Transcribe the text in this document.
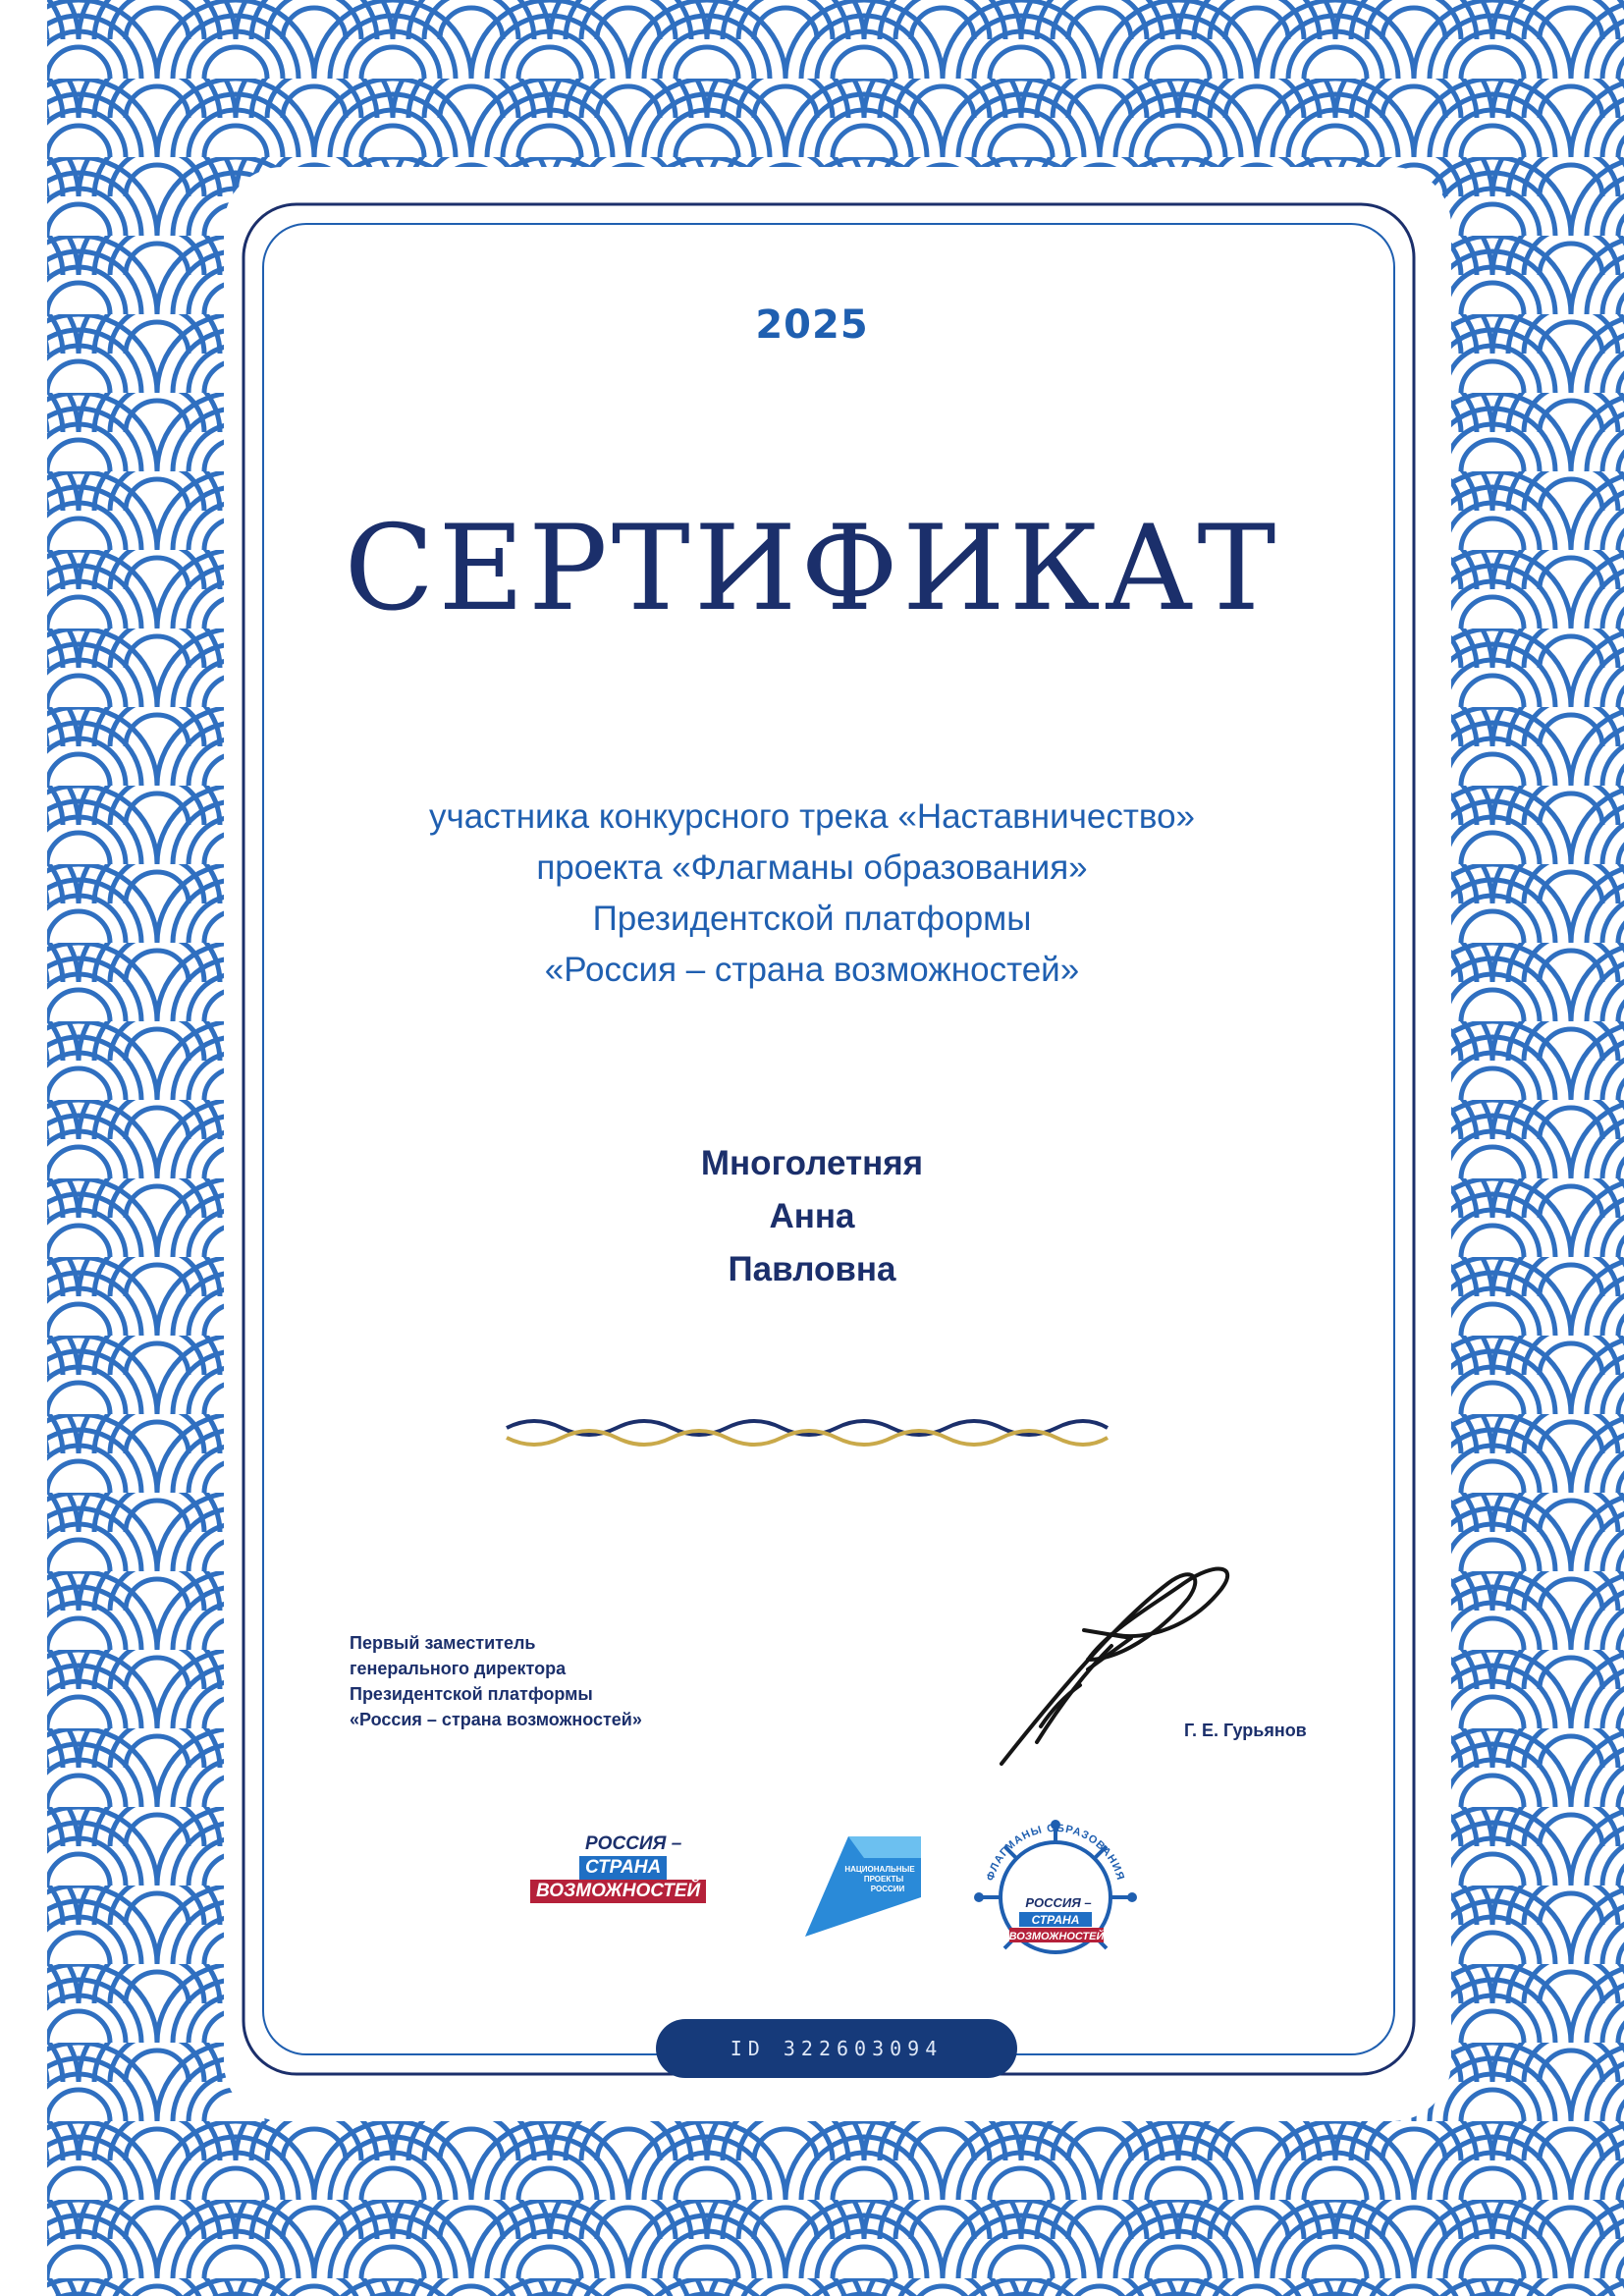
2025
СЕРТИФИКАТ
участника конкурсного трека «Наставничество»
проекта «Флагманы образования»
Президентской платформы
«Россия – страна возможностей»
Многолетняя
Анна
Павловна
Первый заместитель
генерального директора
Президентской платформы
«Россия – страна возможностей»
Г. Е. Гурьянов
РОССИЯ –
СТРАНА
ВОЗМОЖНОСТЕЙ
НАЦИОНАЛЬНЫЕ
ПРОЕКТЫ
РОССИИ
ФЛАГМАНЫ ОБРАЗОВАНИЯ
РОССИЯ –
СТРАНА
ВОЗМОЖНОСТЕЙ
ID 322603094
